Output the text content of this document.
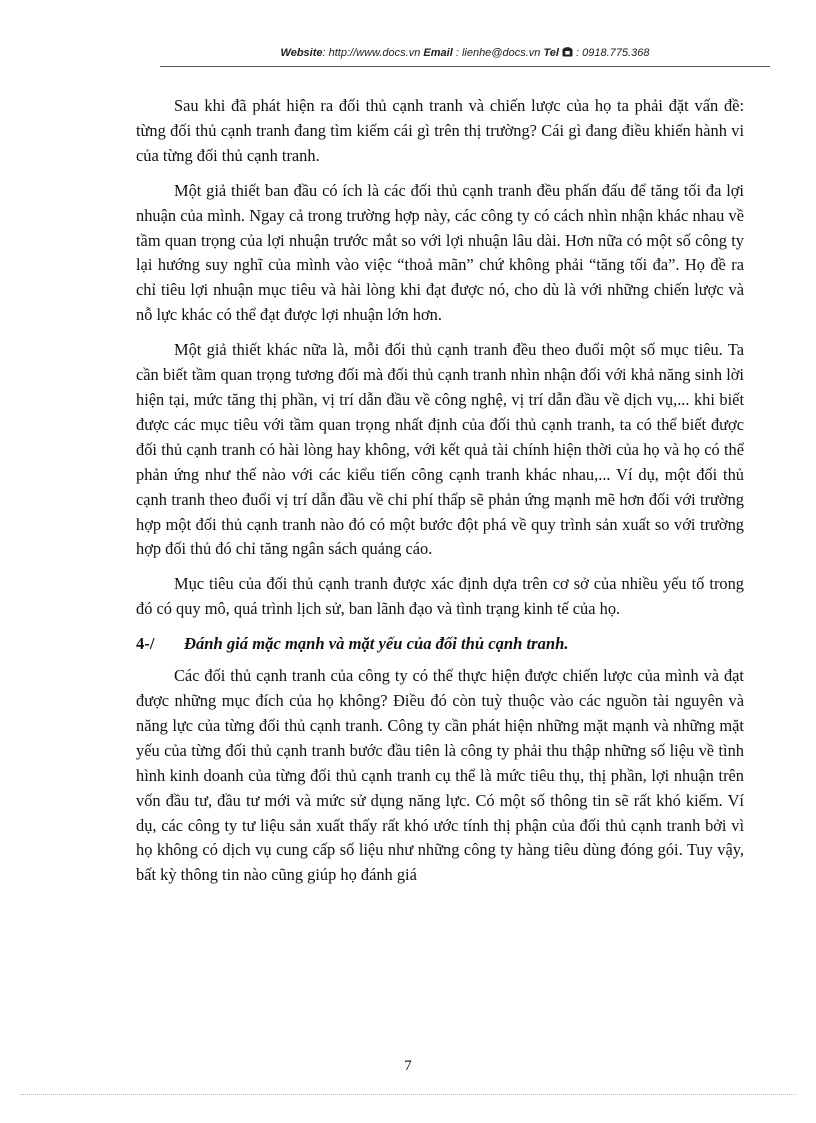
Website: http://www.docs.vn Email : lienhe@docs.vn Tel : 0918.775.368

Sau khi đã phát hiện ra đối thủ cạnh tranh và chiến lược của họ ta phải đặt vấn đề: từng đối thủ cạnh tranh đang tìm kiếm cái gì trên thị trường? Cái gì đang điều khiển hành vi của từng đối thủ cạnh tranh.

Một giả thiết ban đầu có ích là các đối thủ cạnh tranh đều phấn đấu để tăng tối đa lợi nhuận của mình. Ngay cả trong trường hợp này, các công ty có cách nhìn nhận khác nhau về tầm quan trọng của lợi nhuận trước mắt so với lợi nhuận lâu dài. Hơn nữa có một số công ty lại hướng suy nghĩ của mình vào việc “thoả mãn” chứ không phải “tăng tối đa”. Họ đề ra chỉ tiêu lợi nhuận mục tiêu và hài lòng khi đạt được nó, cho dù là với những chiến lược và nỗ lực khác có thể đạt được lợi nhuận lớn hơn.

Một giả thiết khác nữa là, mỗi đối thủ cạnh tranh đều theo đuổi một số mục tiêu. Ta cần biết tầm quan trọng tương đối mà đối thủ cạnh tranh nhìn nhận đối với khả năng sinh lời hiện tại, mức tăng thị phần, vị trí dẫn đầu về công nghệ, vị trí dẫn đầu về dịch vụ,... khi biết được các mục tiêu với tầm quan trọng nhất định của đối thủ cạnh tranh, ta có thể biết được đối thủ cạnh tranh có hài lòng hay không, với kết quả tài chính hiện thời của họ và họ có thể phản ứng như thế nào với các kiểu tiến công cạnh tranh khác nhau,... Ví dụ, một đối thủ cạnh tranh theo đuổi vị trí dẫn đầu về chi phí thấp sẽ phản ứng mạnh mẽ hơn đối với trường hợp một đối thủ cạnh tranh nào đó có một bước đột phá về quy trình sản xuất so với trường hợp đối thủ đó chỉ tăng ngân sách quảng cáo.

Mục tiêu của đối thủ cạnh tranh được xác định dựa trên cơ sở của nhiều yếu tố trong đó có quy mô, quá trình lịch sử, ban lãnh đạo và tình trạng kinh tế của họ.

4-/ Đánh giá mặc mạnh và mặt yếu của đối thủ cạnh tranh.

Các đối thủ cạnh tranh của công ty có thể thực hiện được chiến lược của mình và đạt được những mục đích của họ không? Điều đó còn tuỳ thuộc vào các nguồn tài nguyên và năng lực của từng đối thủ cạnh tranh. Công ty cần phát hiện những mặt mạnh và những mặt yếu của từng đối thủ cạnh tranh bước đầu tiên là công ty phải thu thập những số liệu về tình hình kinh doanh của từng đối thủ cạnh tranh cụ thể là mức tiêu thụ, thị phần, lợi nhuận trên vốn đầu tư, đầu tư mới và mức sử dụng năng lực. Có một số thông tin sẽ rất khó kiếm. Ví dụ, các công ty tư liệu sản xuất thấy rất khó ước tính thị phận của đối thủ cạnh tranh bởi vì họ không có dịch vụ cung cấp số liệu như những công ty hàng tiêu dùng đóng gói. Tuy vậy, bất kỳ thông tin nào cũng giúp họ đánh giá

7
